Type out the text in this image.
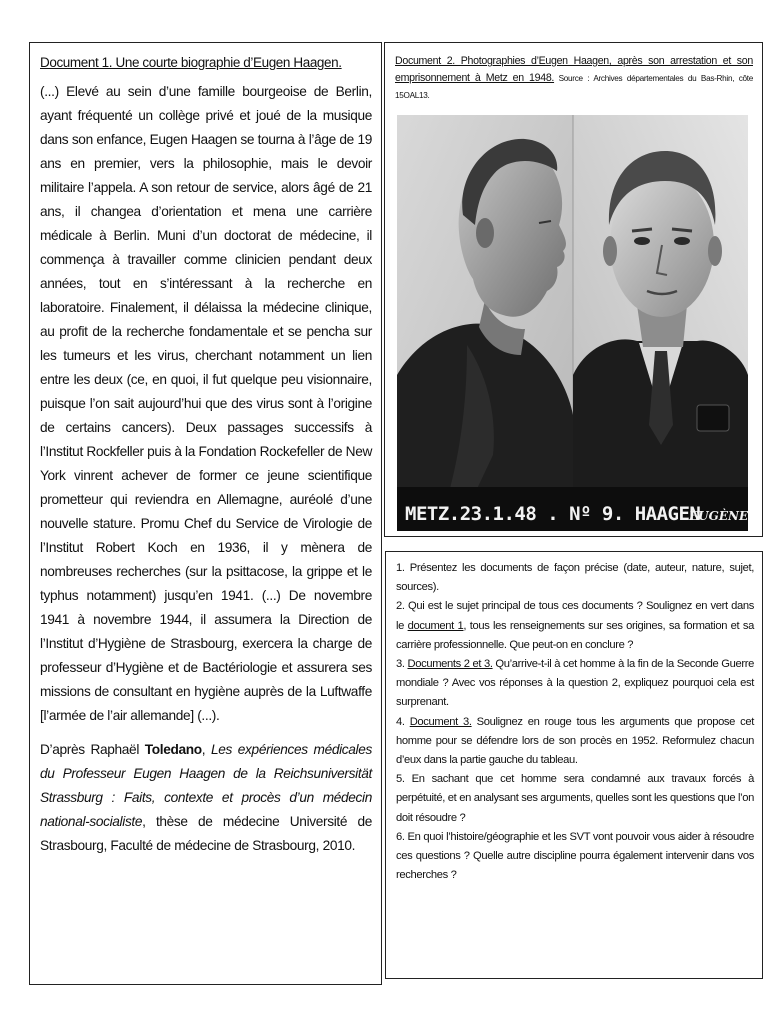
Document 1. Une courte biographie d’Eugen Haagen.

(...) Elevé au sein d’une famille bourgeoise de Berlin, ayant fréquenté un collège privé et joué de la musique dans son enfance, Eugen Haagen se tourna à l’âge de 19 ans en premier, vers la philosophie, mais le devoir militaire l’appela. A son retour de service, alors âgé de 21 ans, il changea d’orientation et mena une carrière médicale à Berlin. Muni d’un doctorat de médecine, il commença à travailler comme clinicien pendant deux années, tout en s’intéressant à la recherche en laboratoire. Finalement, il délaissa la médecine clinique, au profit de la recherche fondamentale et se pencha sur les tumeurs et les virus, cherchant notamment un lien entre les deux (ce, en quoi, il fut quelque peu visionnaire, puisque l’on sait aujourd’hui que des virus sont à l’origine de certains cancers). Deux passages successifs à l’Institut Rockfeller puis à la Fondation Rockefeller de New York vinrent achever de former ce jeune scientifique prometteur qui reviendra en Allemagne, auréolé d’une nouvelle stature. Promu Chef du Service de Virologie de l’Institut Robert Koch en 1936, il y mènera de nombreuses recherches (sur la psittacose, la grippe et le typhus notamment) jusqu’en 1941. (...) De novembre 1941 à novembre 1944, il assumera la Direction de l’Institut d’Hygiène de Strasbourg, exercera la charge de professeur d’Hygiène et de Bactériologie et assurera ses missions de consultant en hygiène auprès de la Luftwaffe [l’armée de l’air allemande] (...).

D’après Raphaël Toledano, Les expériences médicales du Professeur Eugen Haagen de la Reichsuniversität Strassburg : Faits, contexte et procès d’un médecin national-socialiste, thèse de médecine Université de Strasbourg, Faculté de médecine de Strasbourg, 2010.

Document 2. Photographies d’Eugen Haagen, après son arrestation et son emprisonnement à Metz en 1948. Source : Archives départementales du Bas-Rhin, côte 15OAL13.

METZ.23.1.48 . Nº 9. HAAGEN
EUGÈNE

1. Présentez les documents de façon précise (date, auteur, nature, sujet, sources).

2. Qui est le sujet principal de tous ces documents ? Soulignez en vert dans le document 1, tous les renseignements sur ses origines, sa formation et sa carrière professionnelle. Que peut-on en conclure ?

3. Documents 2 et 3. Qu’arrive-t-il à cet homme à la fin de la Seconde Guerre mondiale ? Avec vos réponses à la question 2, expliquez pourquoi cela est surprenant.

4. Document 3. Soulignez en rouge tous les arguments que propose cet homme pour se défendre lors de son procès en 1952. Reformulez chacun d’eux dans la partie gauche du tableau.

5. En sachant que cet homme sera condamné aux travaux forcés à perpétuité, et en analysant ses arguments, quelles sont les questions que l’on doit résoudre ?

6. En quoi l’histoire/géographie et les SVT vont pouvoir vous aider à résoudre ces questions ? Quelle autre discipline pourra également intervenir dans vos recherches ?
